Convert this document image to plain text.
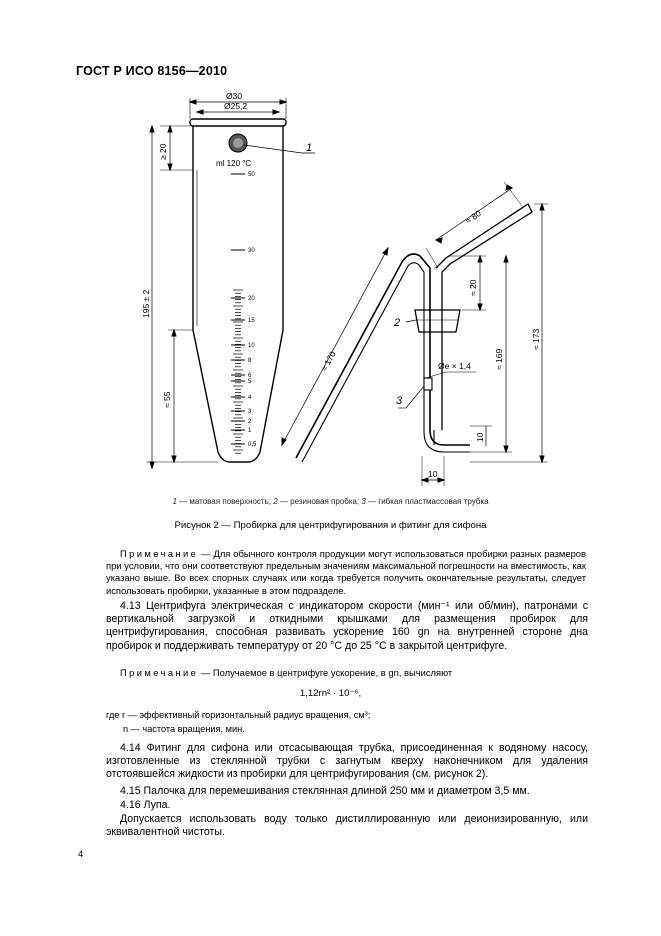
ГОСТ Р ИСО 8156—2010
Ø30
Ø25,2
ml 120 °C
1
≥ 20
195 ± 2
≈ 55
≈ 170
≈ 80
≈ 20
≈ 169
≈ 173
10
10
Øe × 1,4
2
3
50
30
20
15
10
8
6
5
4
3
2
1
0,5
1 — матовая поверхность; 2 — резиновая пробка; 3 — гибкая пластмассовая трубка
Рисунок 2 — Пробирка для центрифугирования и фитинг для сифона
Примечание — Для обычного контроля продукции могут использоваться пробирки разных размеров при условии, что они соответствуют предельным значениям максимальной погрешности на вместимость, как указано выше. Во всех спорных случаях или когда требуется получить окончательные результаты, следует использовать пробирки, указанные в этом подразделе.
4.13 Центрифуга электрическая с индикатором скорости (мин⁻¹ или об/мин), патронами с вертикальной загрузкой и откидными крышками для размещения пробирок для центрифугирования, способная развивать ускорение 160 gn на внутренней стороне дна пробирок и поддерживать температуру от 20 °С до 25 °С в закрытой центрифуге.
Примечание — Получаемое в центрифуге ускорение, в gn, вычисляют
1,12rn² · 10⁻⁶,
где r — эффективный горизонтальный радиус вращения, см³;
n — частота вращения, мин.
4.14 Фитинг для сифона или отсасывающая трубка, присоединенная к водяному насосу, изготовленные из стеклянной трубки с загнутым кверху наконечником для удаления отстоявшейся жидкости из пробирки для центрифугирования (см. рисунок 2).
4.15 Палочка для перемешивания стеклянная длиной 250 мм и диаметром 3,5 мм.
4.16 Лупа.
Допускается использовать воду только дистиллированную или деионизированную, или эквивалентной чистоты.
4
